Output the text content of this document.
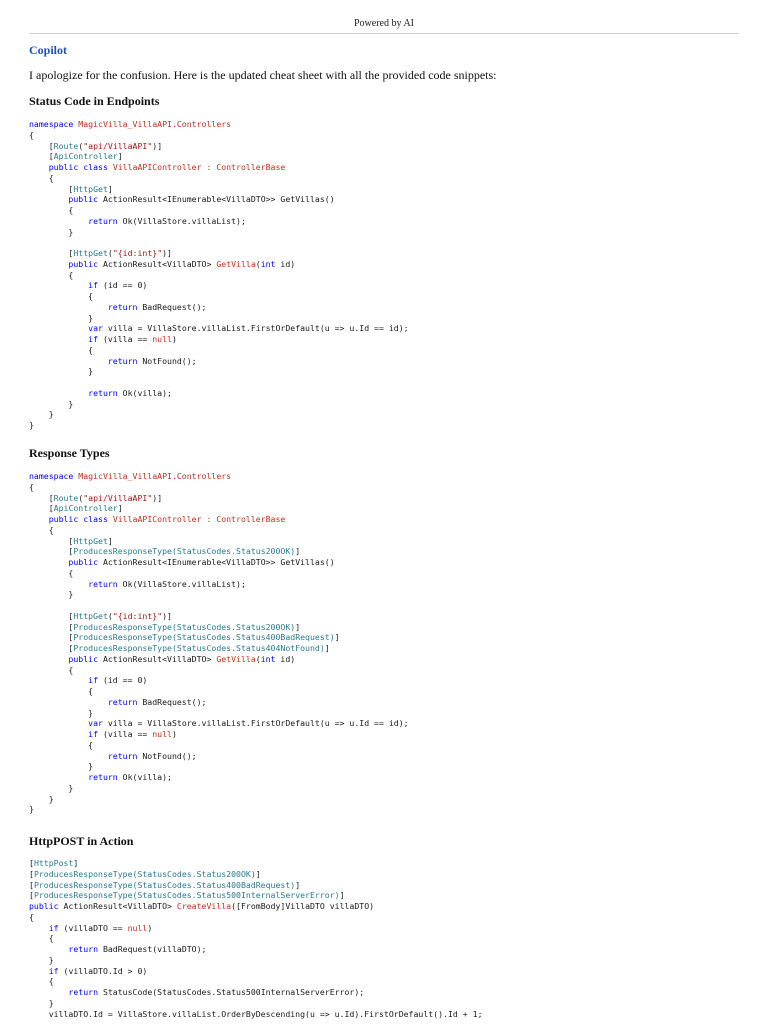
Powered by AI
Copilot
I apologize for the confusion. Here is the updated cheat sheet with all the provided code snippets:
Status Code in Endpoints
namespace MagicVilla_VillaAPI.Controllers
{
[Route("api/VillaAPI")]
[ApiController]
public class VillaAPIController : ControllerBase
{
[HttpGet]
public ActionResult<IEnumerable<VillaDTO>> GetVillas()
{
return Ok(VillaStore.villaList);
}
[HttpGet("{id:int}")]
public ActionResult<VillaDTO> GetVilla(int id)
{
if (id == 0)
{
return BadRequest();
}
var villa = VillaStore.villaList.FirstOrDefault(u => u.Id == id);
if (villa == null)
{
return NotFound();
}
return Ok(villa);
}
}
}
Response Types
namespace MagicVilla_VillaAPI.Controllers
{
[Route("api/VillaAPI")]
[ApiController]
public class VillaAPIController : ControllerBase
{
[HttpGet]
[ProducesResponseType(StatusCodes.Status200OK)]
public ActionResult<IEnumerable<VillaDTO>> GetVillas()
{
return Ok(VillaStore.villaList);
}
[HttpGet("{id:int}")]
[ProducesResponseType(StatusCodes.Status200OK)]
[ProducesResponseType(StatusCodes.Status400BadRequest)]
[ProducesResponseType(StatusCodes.Status404NotFound)]
public ActionResult<VillaDTO> GetVilla(int id)
{
if (id == 0)
{
return BadRequest();
}
var villa = VillaStore.villaList.FirstOrDefault(u => u.Id == id);
if (villa == null)
{
return NotFound();
}
return Ok(villa);
}
}
}
HttpPOST in Action
[HttpPost]
[ProducesResponseType(StatusCodes.Status200OK)]
[ProducesResponseType(StatusCodes.Status400BadRequest)]
[ProducesResponseType(StatusCodes.Status500InternalServerError)]
public ActionResult<VillaDTO> CreateVilla([FromBody]VillaDTO villaDTO)
{
if (villaDTO == null)
{
return BadRequest(villaDTO);
}
if (villaDTO.Id > 0)
{
return StatusCode(StatusCodes.Status500InternalServerError);
}
villaDTO.Id = VillaStore.villaList.OrderByDescending(u => u.Id).FirstOrDefault().Id + 1;
